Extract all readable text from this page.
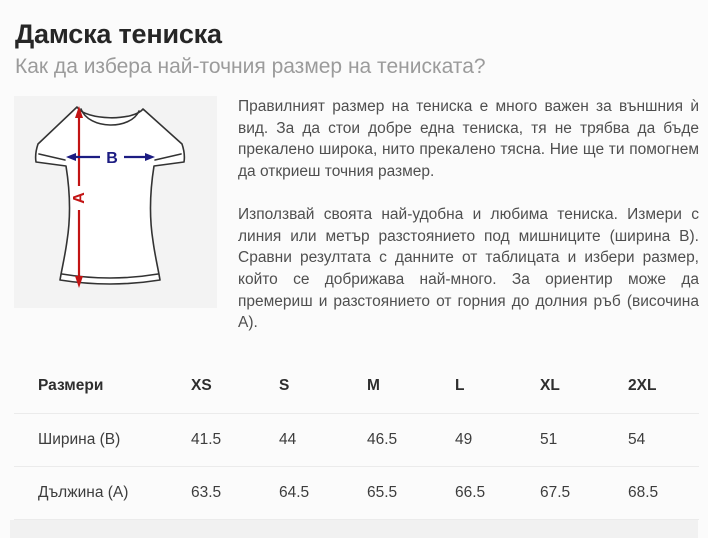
Дамска тениска
Как да избера най-точния размер на тениската?
A
B

Правилният размер на тениска е много важен за външния ѝ вид. За да стои добре една тениска, тя не трябва да бъде прекалено широка, нито прекалено тясна. Ние ще ти помогнем да откриеш точния размер.

Използвай своята най-удобна и любима тениска. Измери с линия или метър разстоянието под мишниците (ширина B). Сравни резултата с данните от таблицата и избери размер, който се добрижава най-много. За ориентир може да премериш и разстоянието от горния до долния ръб (височина A).

Размери	XS	S	M	L	XL	2XL
Ширина (B)	41.5	44	46.5	49	51	54
Дължина (A)	63.5	64.5	65.5	66.5	67.5	68.5
